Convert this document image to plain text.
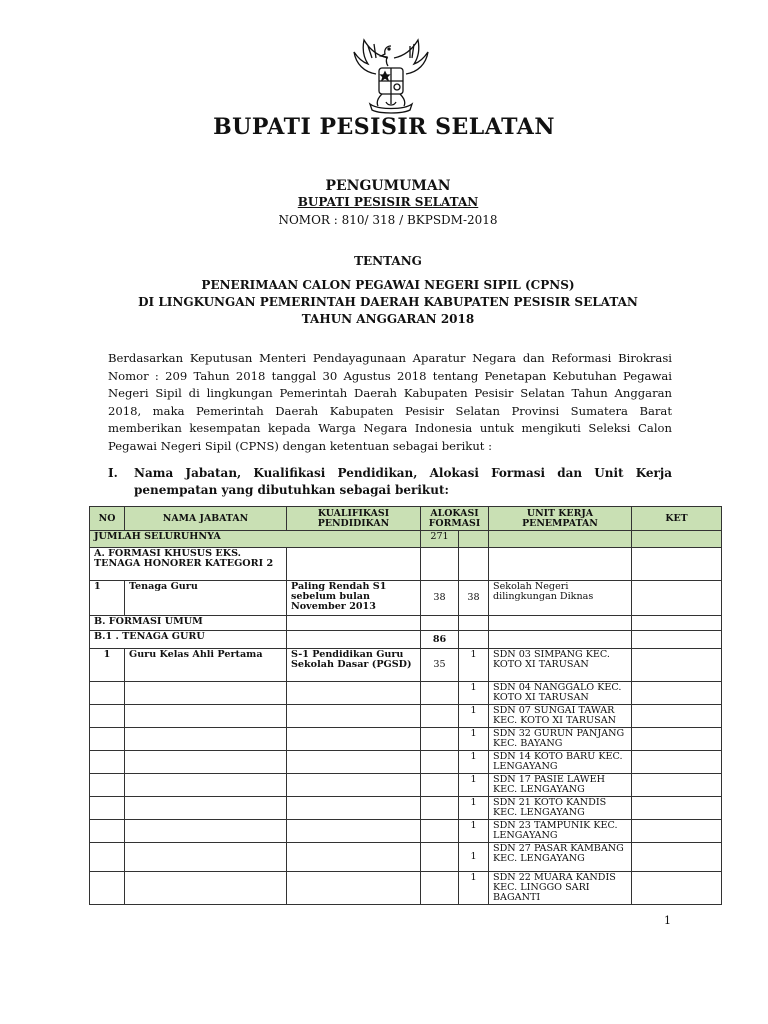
BUPATI PESISIR SELATAN
PENGUMUMAN
BUPATI PESISIR SELATAN
NOMOR : 810/ 318 / BKPSDM-2018
TENTANG
PENERIMAAN CALON PEGAWAI NEGERI SIPIL (CPNS)
DI LINGKUNGAN PEMERINTAH DAERAH KABUPATEN PESISIR SELATAN
TAHUN ANGGARAN 2018
Berdasarkan Keputusan Menteri Pendayagunaan Aparatur Negara dan Reformasi Birokrasi Nomor : 209 Tahun 2018 tanggal 30 Agustus 2018 tentang Penetapan Kebutuhan Pegawai Negeri Sipil di lingkungan Pemerintah Daerah Kabupaten Pesisir Selatan Tahun Anggaran 2018, maka Pemerintah Daerah Kabupaten Pesisir Selatan Provinsi Sumatera Barat memberikan kesempatan kepada Warga Negara Indonesia untuk mengikuti Seleksi Calon Pegawai Negeri Sipil (CPNS) dengan ketentuan sebagai berikut :
I. Nama Jabatan, Kualifikasi Pendidikan, Alokasi Formasi dan Unit Kerja penempatan yang dibutuhkan sebagai berikut:
NO	NAMA JABATAN	KUALIFIKASI PENDIDIKAN	ALOKASI FORMASI		UNIT KERJA PENEMPATAN	KET
JUMLAH SELURUHNYA			271			
A. FORMASI KHUSUS EKS. TENAGA HONORER KATEGORI 2						
1	Tenaga Guru	Paling Rendah S1 sebelum bulan November 2013	38	38	Sekolah Negeri dilingkungan Diknas	
B. FORMASI UMUM						
B.1 . TENAGA GURU			86			
1	Guru Kelas Ahli Pertama	S-1 Pendidikan Guru Sekolah Dasar (PGSD)	35	1	SDN 03 SIMPANG KEC. KOTO XI TARUSAN	
				1	SDN 04 NANGGALO KEC. KOTO XI TARUSAN	
				1	SDN 07 SUNGAI TAWAR KEC. KOTO XI TARUSAN	
				1	SDN 32 GURUN PANJANG KEC. BAYANG	
				1	SDN 14 KOTO BARU KEC. LENGAYANG	
				1	SDN 17 PASIE LAWEH KEC. LENGAYANG	
				1	SDN 21 KOTO KANDIS KEC. LENGAYANG	
				1	SDN 23 TAMPUNIK KEC. LENGAYANG	
				1	SDN 27 PASAR KAMBANG KEC. LENGAYANG	
				1	SDN 22 MUARA KANDIS KEC. LINGGO SARI BAGANTI	
1
